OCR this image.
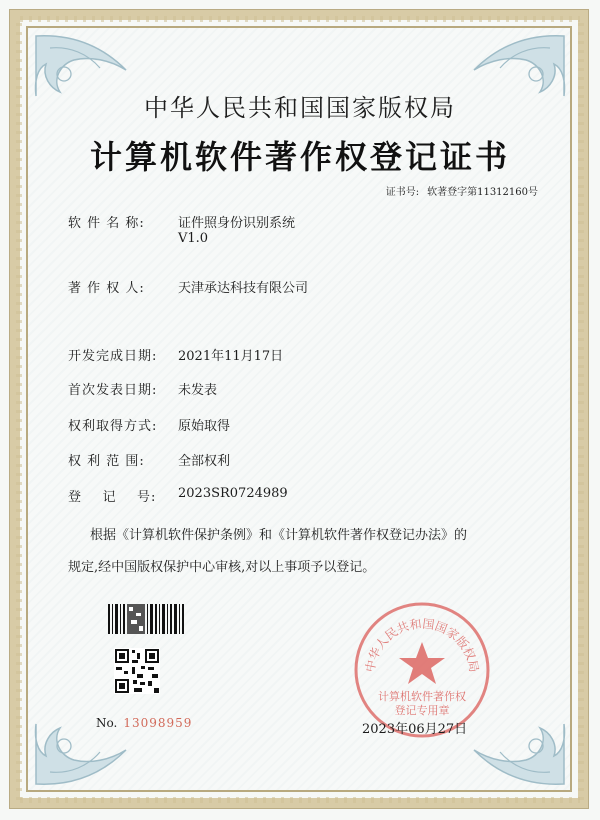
中华人民共和国国家版权局
计算机软件著作权登记证书
证书号: 软著登字第11312160号
软 件 名 称:	证件照身份识别系统
V1.0
著 作 权 人:	天津承达科技有限公司
开发完成日期: 2021年11月17日
首次发表日期: 未发表
权利取得方式: 原始取得
权 利 范 围:	全部权利
登    记    号: 2023SR0724989
根据《计算机软件保护条例》和《计算机软件著作权登记办法》的
规定,经中国版权保护中心审核,对以上事项予以登记。
No. 13098959
中华人民共和国国家版权局
计算机软件著作权
登记专用章
2023年06月27日
